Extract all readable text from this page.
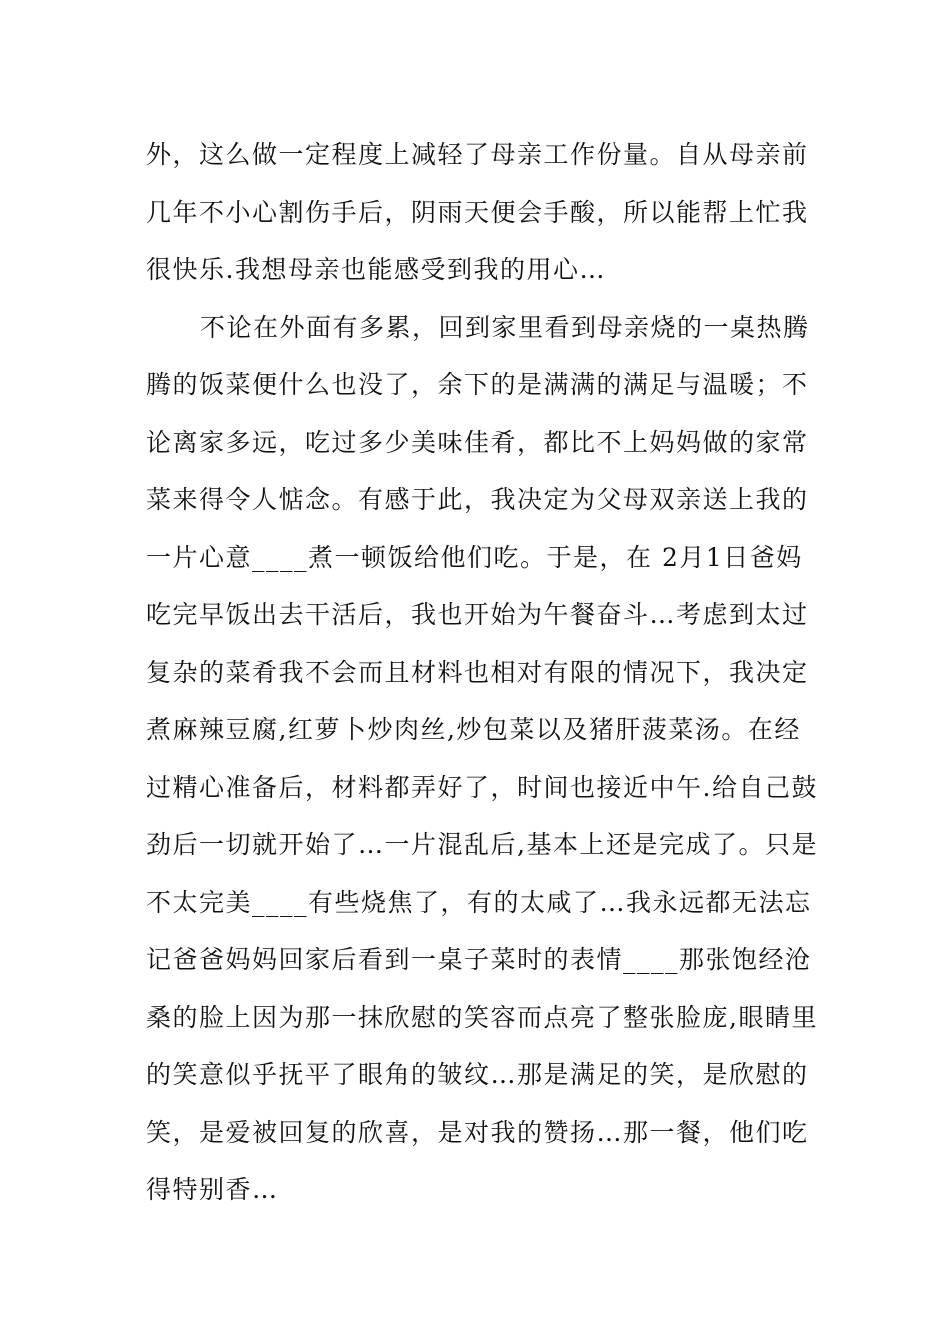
外，这么做一定程度上减轻了母亲工作份量。自从母亲前
几年不小心割伤手后，阴雨天便会手酸，所以能帮上忙我
很快乐.我想母亲也能感受到我的用心…
不论在外面有多累，回到家里看到母亲烧的一桌热腾
腾的饭菜便什么也没了，余下的是满满的满足与温暖；不
论离家多远，吃过多少美味佳肴，都比不上妈妈做的家常
菜来得令人惦念。有感于此，我决定为父母双亲送上我的
一片心意____煮一顿饭给他们吃。于是，在 2月1日爸妈
吃完早饭出去干活后，我也开始为午餐奋斗…考虑到太过
复杂的菜肴我不会而且材料也相对有限的情况下，我决定
煮麻辣豆腐,红萝卜炒肉丝,炒包菜以及猪肝菠菜汤。在经
过精心准备后，材料都弄好了，时间也接近中午.给自己鼓
劲后一切就开始了…一片混乱后,基本上还是完成了。只是
不太完美____有些烧焦了，有的太咸了…我永远都无法忘
记爸爸妈妈回家后看到一桌子菜时的表情____那张饱经沧
桑的脸上因为那一抹欣慰的笑容而点亮了整张脸庞,眼睛里
的笑意似乎抚平了眼角的皱纹…那是满足的笑，是欣慰的
笑，是爱被回复的欣喜，是对我的赞扬…那一餐，他们吃
得特别香…
